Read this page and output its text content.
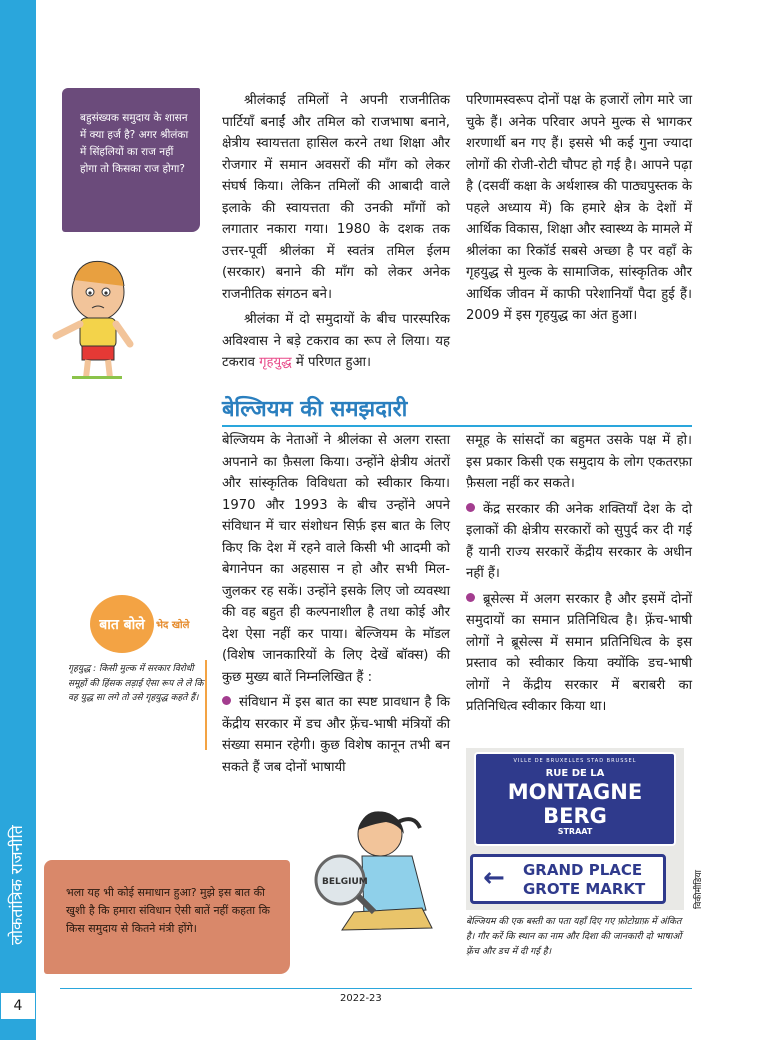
लोकतांत्रिक राजनीति
4
बहुसंख्यक समुदाय के शासन में क्या हर्ज है? अगर श्रीलंका में सिंहलियों का राज नहीं होगा तो किसका राज होगा?

श्रीलंकाई तमिलों ने अपनी राजनीतिक पार्टियाँ बनाईं और तमिल को राजभाषा बनाने, क्षेत्रीय स्वायत्तता हासिल करने तथा शिक्षा और रोजगार में समान अवसरों की माँग को लेकर संघर्ष किया। लेकिन तमिलों की आबादी वाले इलाके की स्वायत्तता की उनकी माँगों को लगातार नकारा गया। 1980 के दशक तक उत्तर-पूर्वी श्रीलंका में स्वतंत्र तमिल ईलम (सरकार) बनाने की माँग को लेकर अनेक राजनीतिक संगठन बने।

श्रीलंका में दो समुदायों के बीच पारस्परिक अविश्वास ने बड़े टकराव का रूप ले लिया। यह टकराव गृहयुद्ध में परिणत हुआ।

परिणामस्वरूप दोनों पक्ष के हजारों लोग मारे जा चुके हैं। अनेक परिवार अपने मुल्क से भागकर शरणार्थी बन गए हैं। इससे भी कई गुना ज्यादा लोगों की रोजी-रोटी चौपट हो गई है। आपने पढ़ा है (दसवीं कक्षा के अर्थशास्त्र की पाठ्यपुस्तक के पहले अध्याय में) कि हमारे क्षेत्र के देशों में आर्थिक विकास, शिक्षा और स्वास्थ्य के मामले में श्रीलंका का रिकॉर्ड सबसे अच्छा है पर वहाँ के गृहयुद्ध से मुल्क के सामाजिक, सांस्कृतिक और आर्थिक जीवन में काफी परेशानियाँ पैदा हुई हैं। 2009 में इस गृहयुद्ध का अंत हुआ।

बेल्जियम की समझदारी

बेल्जियम के नेताओं ने श्रीलंका से अलग रास्ता अपनाने का फ़ैसला किया। उन्होंने क्षेत्रीय अंतरों और सांस्कृतिक विविधता को स्वीकार किया। 1970 और 1993 के बीच उन्होंने अपने संविधान में चार संशोधन सिर्फ़ इस बात के लिए किए कि देश में रहने वाले किसी भी आदमी को बेगानेपन का अहसास न हो और सभी मिल-जुलकर रह सकें। उन्होंने इसके लिए जो व्यवस्था की वह बहुत ही कल्पनाशील है तथा कोई और देश ऐसा नहीं कर पाया। बेल्जियम के मॉडल (विशेष जानकारियों के लिए देखें बॉक्स) की कुछ मुख्य बातें निम्नलिखित हैं :

संविधान में इस बात का स्पष्ट प्रावधान है कि केंद्रीय सरकार में डच और फ़्रेंच-भाषी मंत्रियों की संख्या समान रहेगी। कुछ विशेष कानून तभी बन सकते हैं जब दोनों भाषायी

समूह के सांसदों का बहुमत उसके पक्ष में हो। इस प्रकार किसी एक समुदाय के लोग एकतरफ़ा फ़ैसला नहीं कर सकते।

केंद्र सरकार की अनेक शक्तियाँ देश के दो इलाकों की क्षेत्रीय सरकारों को सुपुर्द कर दी गई हैं यानी राज्य सरकारें केंद्रीय सरकार के अधीन नहीं हैं।

ब्रूसेल्स में अलग सरकार है और इसमें दोनों समुदायों का समान प्रतिनिधित्व है। फ़्रेंच-भाषी लोगों ने ब्रूसेल्स में समान प्रतिनिधित्व के इस प्रस्ताव को स्वीकार किया क्योंकि डच-भाषी लोगों ने केंद्रीय सरकार में बराबरी का प्रतिनिधित्व स्वीकार किया था।

बात बोले	भेद खोले
गृहयुद्ध : किसी मुल्क में सरकार विरोधी समूहों की हिंसक लड़ाई ऐसा रूप ले ले कि वह युद्ध सा लगे तो उसे गृहयुद्ध कहते हैं।
BELGIUM
भला यह भी कोई समाधान हुआ? मुझे इस बात की खुशी है कि हमारा संविधान ऐसी बातें नहीं कहता कि किस समुदाय से कितने मंत्री होंगे।
VILLE DE BRUXELLES STAD BRUSSEL
RUE DE LA
MONTAGNE
BERG
STRAAT
← GRAND PLACE
GROTE MARKT	विकीमीडिया
बेल्जियम की एक बस्ती का पता यहाँ दिए गए फ़ोटोग्राफ़ में अंकित है। गौर करें कि स्थान का नाम और दिशा की जानकारी दो भाषाओं फ़्रेंच और डच में दी गई है।
2022-23
